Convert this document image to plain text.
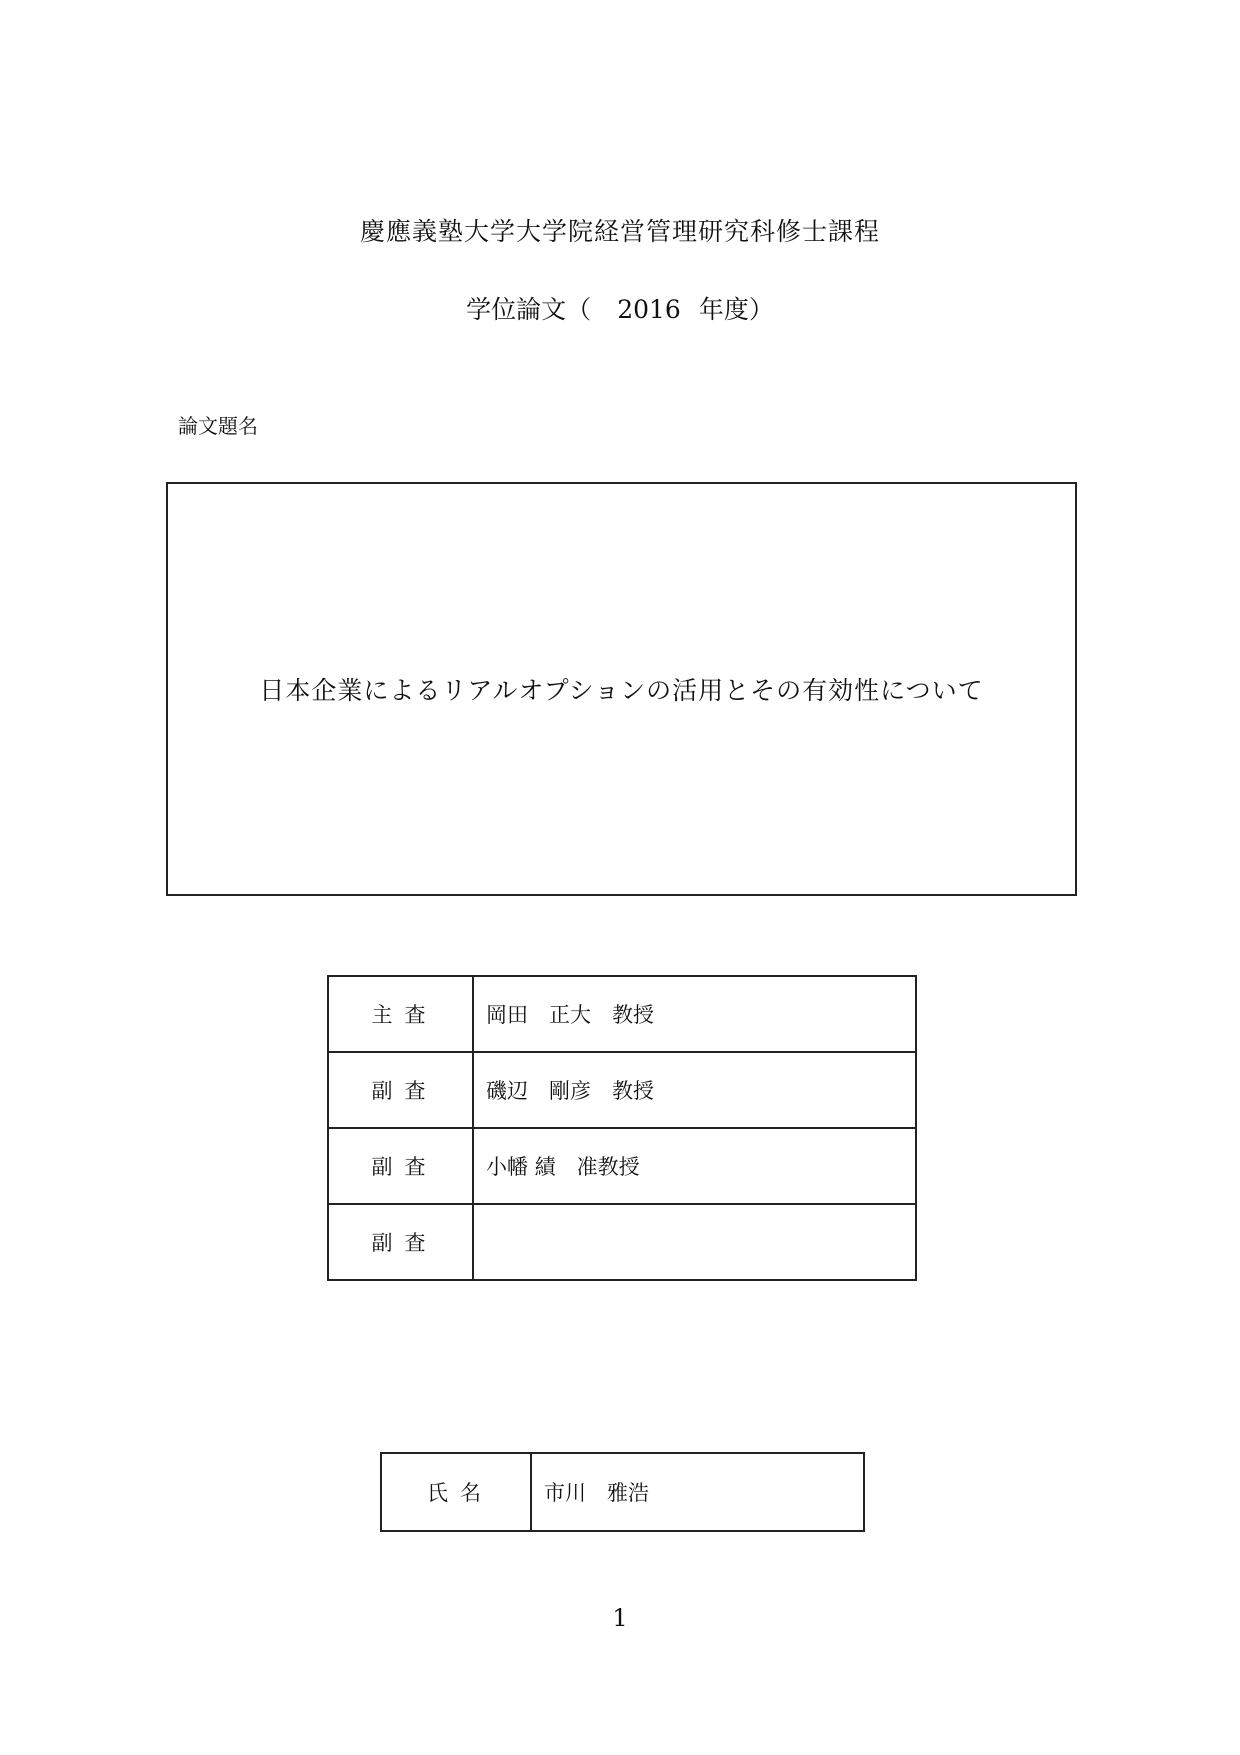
慶應義塾大学大学院経営管理研究科修士課程
学位論文（ 2016 年度）
論文題名
日本企業によるリアルオプションの活用とその有効性について
主査	岡田　正大　教授
副査	磯辺　剛彦　教授
副査	小幡 績　准教授
副査	
氏名	市川　雅浩
1
